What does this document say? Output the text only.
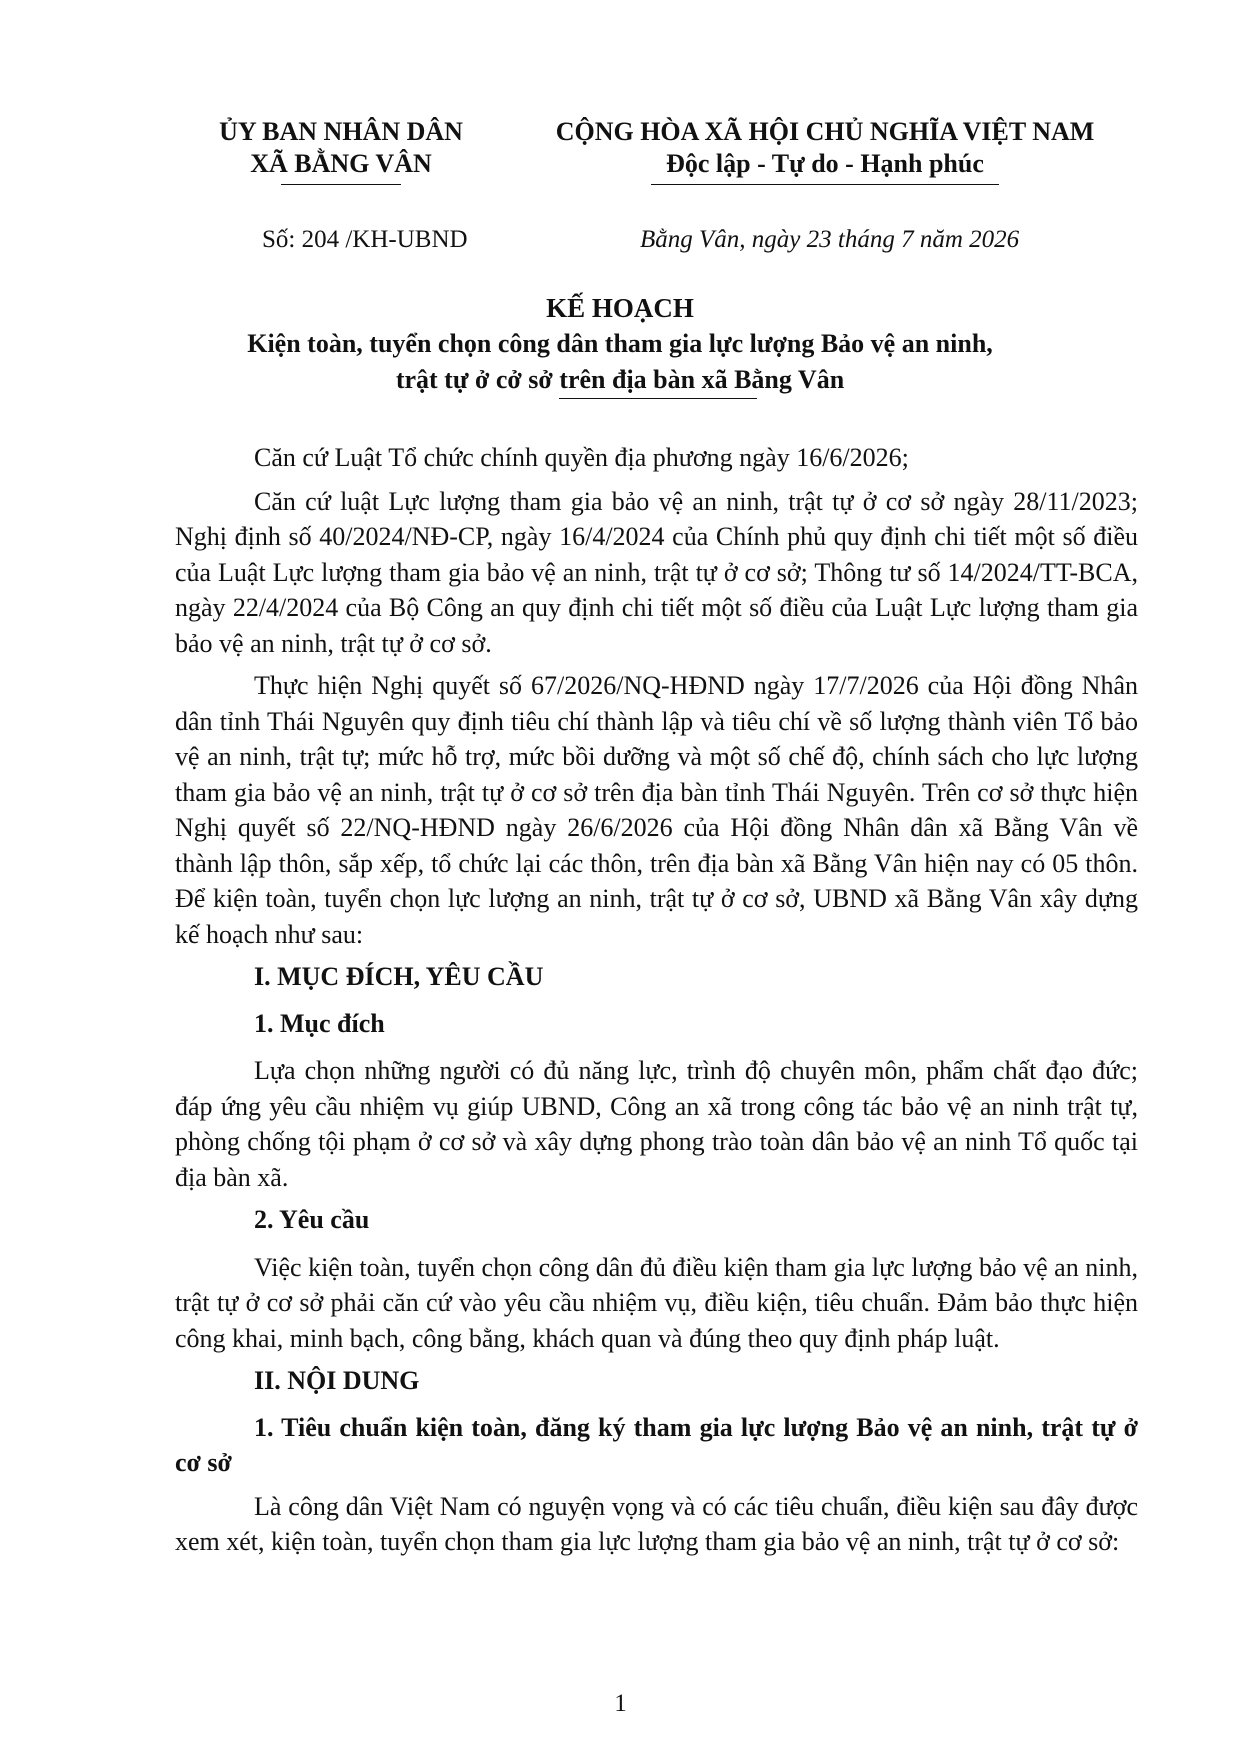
ỦY BAN NHÂN DÂN
XÃ BẰNG VÂN
CỘNG HÒA XÃ HỘI CHỦ NGHĨA VIỆT NAM
Độc lập - Tự do - Hạnh phúc
Số: 204 /KH-UBND	Bằng Vân, ngày 23 tháng 7 năm 2026
KẾ HOẠCH
Kiện toàn, tuyển chọn công dân tham gia lực lượng Bảo vệ an ninh,
trật tự ở cở sở trên địa bàn xã Bằng Vân

Căn cứ Luật Tổ chức chính quyền địa phương ngày 16/6/2026;

Căn cứ luật Lực lượng tham gia bảo vệ an ninh, trật tự ở cơ sở ngày 28/11/2023; Nghị định số 40/2024/NĐ-CP, ngày 16/4/2024 của Chính phủ quy định chi tiết một số điều của Luật Lực lượng tham gia bảo vệ an ninh, trật tự ở cơ sở; Thông tư số 14/2024/TT-BCA, ngày 22/4/2024 của Bộ Công an quy định chi tiết một số điều của Luật Lực lượng tham gia bảo vệ an ninh, trật tự ở cơ sở.

Thực hiện Nghị quyết số 67/2026/NQ-HĐND ngày 17/7/2026 của Hội đồng Nhân dân tỉnh Thái Nguyên quy định tiêu chí thành lập và tiêu chí về số lượng thành viên Tổ bảo vệ an ninh, trật tự; mức hỗ trợ, mức bồi dưỡng và một số chế độ, chính sách cho lực lượng tham gia bảo vệ an ninh, trật tự ở cơ sở trên địa bàn tỉnh Thái Nguyên. Trên cơ sở thực hiện Nghị quyết số 22/NQ-HĐND ngày 26/6/2026 của Hội đồng Nhân dân xã Bằng Vân về thành lập thôn, sắp xếp, tổ chức lại các thôn, trên địa bàn xã Bằng Vân hiện nay có 05 thôn. Để kiện toàn, tuyển chọn lực lượng an ninh, trật tự ở cơ sở, UBND xã Bằng Vân xây dựng kế hoạch như sau:

I. MỤC ĐÍCH, YÊU CẦU
1. Mục đích

Lựa chọn những người có đủ năng lực, trình độ chuyên môn, phẩm chất đạo đức; đáp ứng yêu cầu nhiệm vụ giúp UBND, Công an xã trong công tác bảo vệ an ninh trật tự, phòng chống tội phạm ở cơ sở và xây dựng phong trào toàn dân bảo vệ an ninh Tổ quốc tại địa bàn xã.

2. Yêu cầu

Việc kiện toàn, tuyển chọn công dân đủ điều kiện tham gia lực lượng bảo vệ an ninh, trật tự ở cơ sở phải căn cứ vào yêu cầu nhiệm vụ, điều kiện, tiêu chuẩn. Đảm bảo thực hiện công khai, minh bạch, công bằng, khách quan và đúng theo quy định pháp luật.

II. NỘI DUNG
1. Tiêu chuẩn kiện toàn, đăng ký tham gia lực lượng Bảo vệ an ninh, trật tự ở cơ sở

Là công dân Việt Nam có nguyện vọng và có các tiêu chuẩn, điều kiện sau đây được xem xét, kiện toàn, tuyển chọn tham gia lực lượng tham gia bảo vệ an ninh, trật tự ở cơ sở:

1
